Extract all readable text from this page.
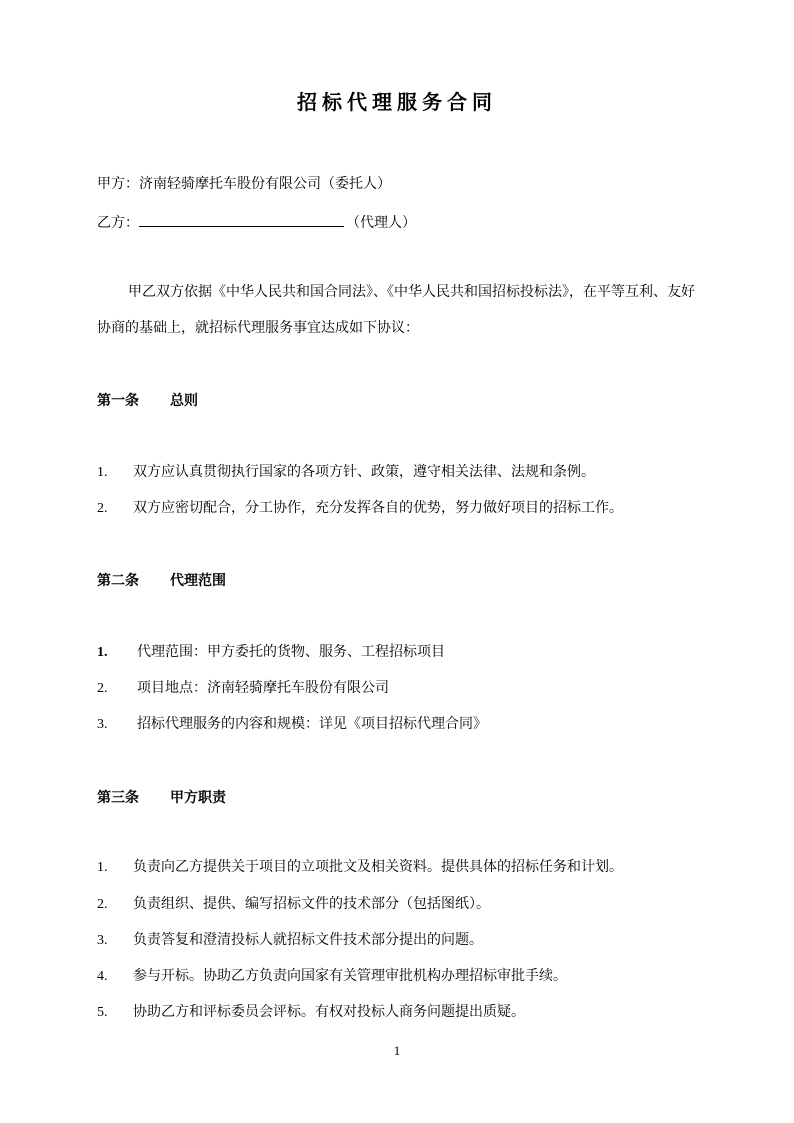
招标代理服务合同
甲方：济南轻骑摩托车股份有限公司（委托人）
乙方：	（代理人）
甲乙双方依据《中华人民共和国合同法》、《中华人民共和国招标投标法》，在平等互利、友好协商的基础上，就招标代理服务事宜达成如下协议：
第一条 总则
1. 双方应认真贯彻执行国家的各项方针、政策，遵守相关法律、法规和条例。
2. 双方应密切配合，分工协作，充分发挥各自的优势，努力做好项目的招标工作。
第二条 代理范围
1. 代理范围：甲方委托的货物、服务、工程招标项目
2. 项目地点：济南轻骑摩托车股份有限公司
3. 招标代理服务的内容和规模：详见《项目招标代理合同》
第三条 甲方职责
1. 负责向乙方提供关于项目的立项批文及相关资料。提供具体的招标任务和计划。
2. 负责组织、提供、编写招标文件的技术部分（包括图纸）。
3. 负责答复和澄清投标人就招标文件技术部分提出的问题。
4. 参与开标。协助乙方负责向国家有关管理审批机构办理招标审批手续。
5. 协助乙方和评标委员会评标。有权对投标人商务问题提出质疑。
1
